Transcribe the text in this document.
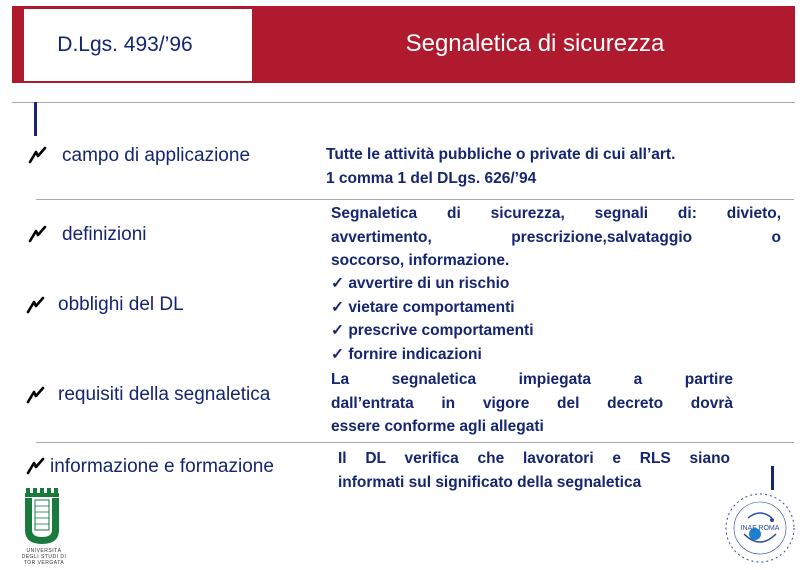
D.Lgs. 493/’96	Segnaletica di sicurezza
campo di applicazione
definizioni
obblighi del DL
requisiti della segnaletica
informazione e formazione

Tutte le attività pubbliche o private di cui all’art.

1 comma 1 del DLgs. 626/’94

Segnaletica di sicurezza, segnali di: divieto,

avvertimento, prescrizione,salvataggio o

soccorso, informazione.

✓ avvertire di un rischio

✓ vietare comportamenti

✓ prescrive comportamenti

✓ fornire indicazioni

La segnaletica impiegata a partire

dall’entrata in vigore del decreto dovrà

essere conforme agli allegati

Il DL verifica che lavoratori e RLS siano

informati sul significato della segnaletica

UNIVERSITÀ DEGLI STUDI DI TOR VERGATA
INAF ROMA
